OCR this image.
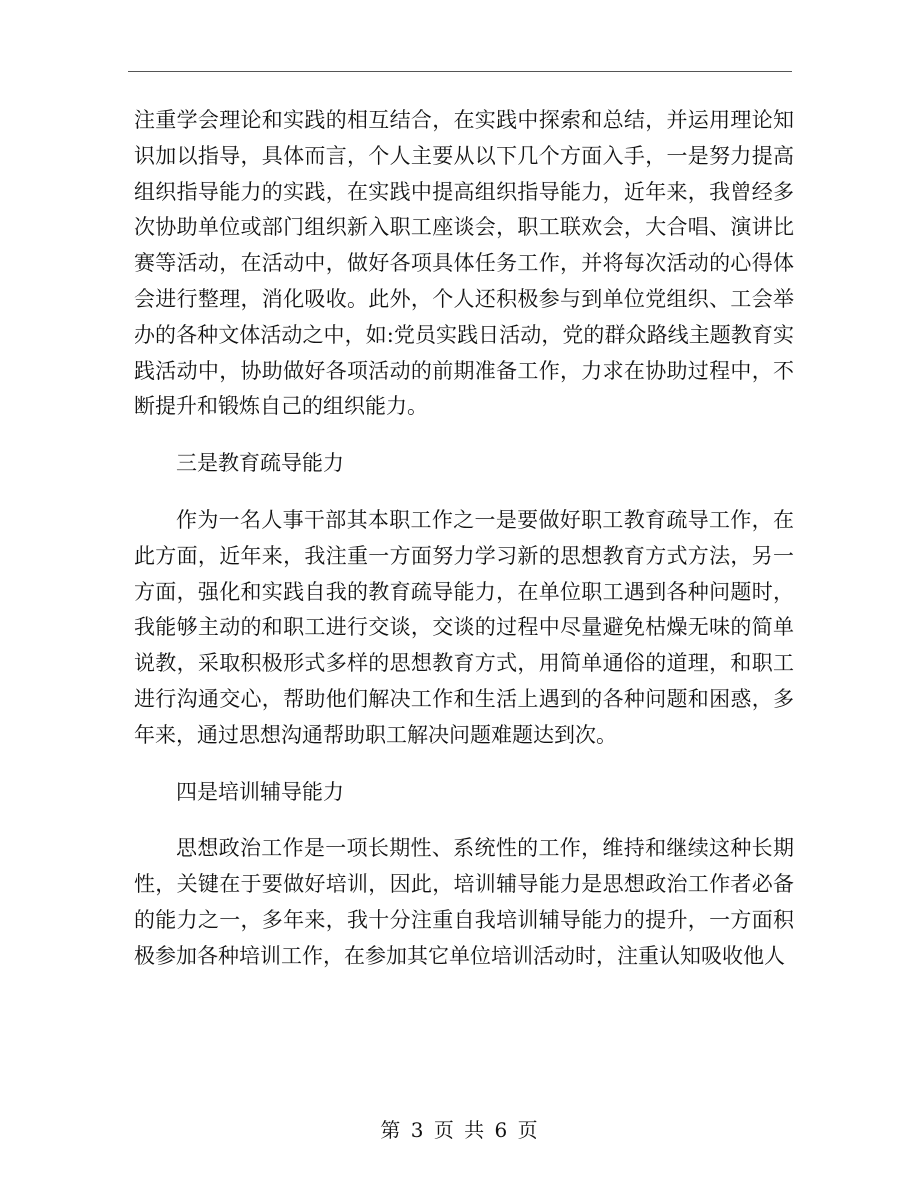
注重学会理论和实践的相互结合，在实践中探索和总结，并运用理论知识加以指导，具体而言，个人主要从以下几个方面入手，一是努力提高组织指导能力的实践，在实践中提高组织指导能力，近年来，我曾经多次协助单位或部门组织新入职工座谈会，职工联欢会，大合唱、演讲比赛等活动，在活动中，做好各项具体任务工作，并将每次活动的心得体会进行整理，消化吸收。此外，个人还积极参与到单位党组织、工会举办的各种文体活动之中，如:党员实践日活动，党的群众路线主题教育实践活动中，协助做好各项活动的前期准备工作，力求在协助过程中，不断提升和锻炼自己的组织能力。

三是教育疏导能力

作为一名人事干部其本职工作之一是要做好职工教育疏导工作，在此方面，近年来，我注重一方面努力学习新的思想教育方式方法，另一方面，强化和实践自我的教育疏导能力，在单位职工遇到各种问题时，我能够主动的和职工进行交谈，交谈的过程中尽量避免枯燥无味的简单说教，采取积极形式多样的思想教育方式，用简单通俗的道理，和职工进行沟通交心，帮助他们解决工作和生活上遇到的各种问题和困惑，多年来，通过思想沟通帮助职工解决问题难题达到次。

四是培训辅导能力

思想政治工作是一项长期性、系统性的工作，维持和继续这种长期性，关键在于要做好培训，因此，培训辅导能力是思想政治工作者必备的能力之一，多年来，我十分注重自我培训辅导能力的提升，一方面积极参加各种培训工作，在参加其它单位培训活动时，注重认知吸收他人

第 3 页 共 6 页
